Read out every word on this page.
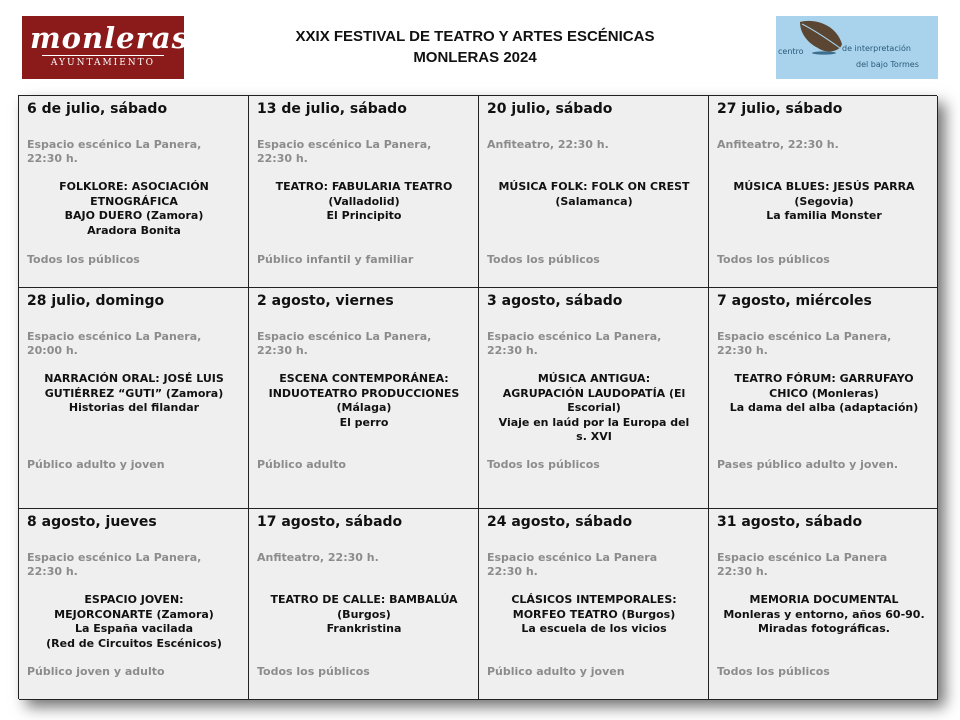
monleras
AYUNTAMIENTO
XXIX FESTIVAL DE TEATRO Y ARTES ESCÉNICAS
MONLERAS 2024	centro	de interpretación
del bajo Tormes
6 de julio, sábado
Espacio escénico La Panera,
22:30 h.
FOLKLORE: ASOCIACIÓN
ETNOGRÁFICA
BAJO DUERO (Zamora)
Aradora Bonita
Todos los públicos
13 de julio, sábado
Espacio escénico La Panera,
22:30 h.
TEATRO: FABULARIA TEATRO
(Valladolid)
El Principito
Público infantil y familiar
20 julio, sábado
Anfiteatro, 22:30 h.
MÚSICA FOLK: FOLK ON CREST
(Salamanca)
Todos los públicos
27 julio, sábado
Anfiteatro, 22:30 h.
MÚSICA BLUES: JESÚS PARRA
(Segovia)
La familia Monster
Todos los públicos
28 julio, domingo
Espacio escénico La Panera,
20:00 h.
NARRACIÓN ORAL: JOSÉ LUIS
GUTIÉRREZ “GUTI” (Zamora)
Historias del filandar
Público adulto y joven
2 agosto, viernes
Espacio escénico La Panera,
22:30 h.
ESCENA CONTEMPORÁNEA:
INDUOTEATRO PRODUCCIONES
(Málaga)
El perro
Público adulto
3 agosto, sábado
Espacio escénico La Panera,
22:30 h.
MÚSICA ANTIGUA:
AGRUPACIÓN LAUDOPATÍA (El
Escorial)
Viaje en laúd por la Europa del
s. XVI
Todos los públicos
7 agosto, miércoles
Espacio escénico La Panera,
22:30 h.
TEATRO FÓRUM: GARRUFAYO
CHICO (Monleras)
La dama del alba (adaptación)
Pases público adulto y joven.
8 agosto, jueves
Espacio escénico La Panera,
22:30 h.
ESPACIO JOVEN:
MEJORCONARTE (Zamora)
La España vacilada
(Red de Circuitos Escénicos)
Público joven y adulto
17 agosto, sábado
Anfiteatro, 22:30 h.
TEATRO DE CALLE: BAMBALÚA
(Burgos)
Frankristina
Todos los públicos
24 agosto, sábado
Espacio escénico La Panera
22:30 h.
CLÁSICOS INTEMPORALES:
MORFEO TEATRO (Burgos)
La escuela de los vicios
Público adulto y joven
31 agosto, sábado
Espacio escénico La Panera
22:30 h.
MEMORIA DOCUMENTAL
Monleras y entorno, años 60-90.
Miradas fotográficas.
Todos los públicos
